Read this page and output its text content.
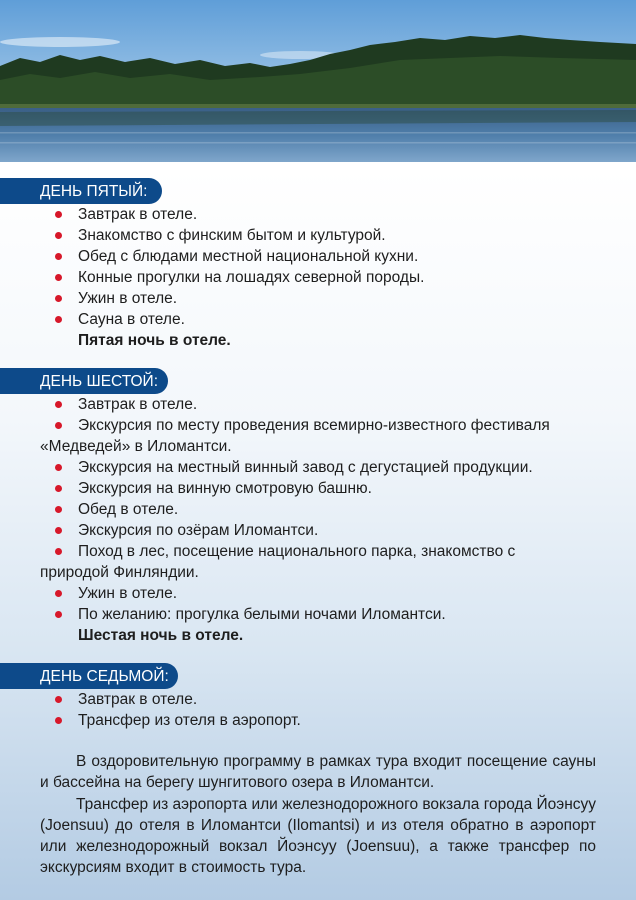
ДЕНЬ ПЯТЫЙ:
Завтрак в отеле.
Знакомство с финским бытом и культурой.
Обед с блюдами местной национальной кухни.
Конные прогулки на лошадях северной породы.
Ужин в отеле.
Сауна в отеле.
Пятая ночь в отеле.
ДЕНЬ ШЕСТОЙ:
Завтрак в отеле.
Экскурсия по месту проведения всемирно-известного фестиваля
«Медведей» в Иломантси.
Экскурсия на местный винный завод с дегустацией продукции.
Экскурсия на винную смотровую башню.
Обед в отеле.
Экскурсия по озёрам Иломантси.
Поход в лес, посещение национального парка, знакомство с
природой Финляндии.
Ужин в отеле.
По желанию: прогулка белыми ночами Иломантси.
Шестая ночь в отеле.
ДЕНЬ СЕДЬМОЙ:
Завтрак в отеле.
Трансфер из отеля в аэропорт.

В оздоровительную программу в рамках тура входит посещение сауны и бассейна на берегу шунгитового озера в Иломантси.

Трансфер из аэропорта или железнодорожного вокзала города Йоэнсуу (Joensuu) до отеля в Иломантси (Ilomantsi) и из отеля обратно в аэропорт или железнодорожный вокзал Йоэнсуу (Joensuu), а также трансфер по экскурсиям входит в стоимость тура.
